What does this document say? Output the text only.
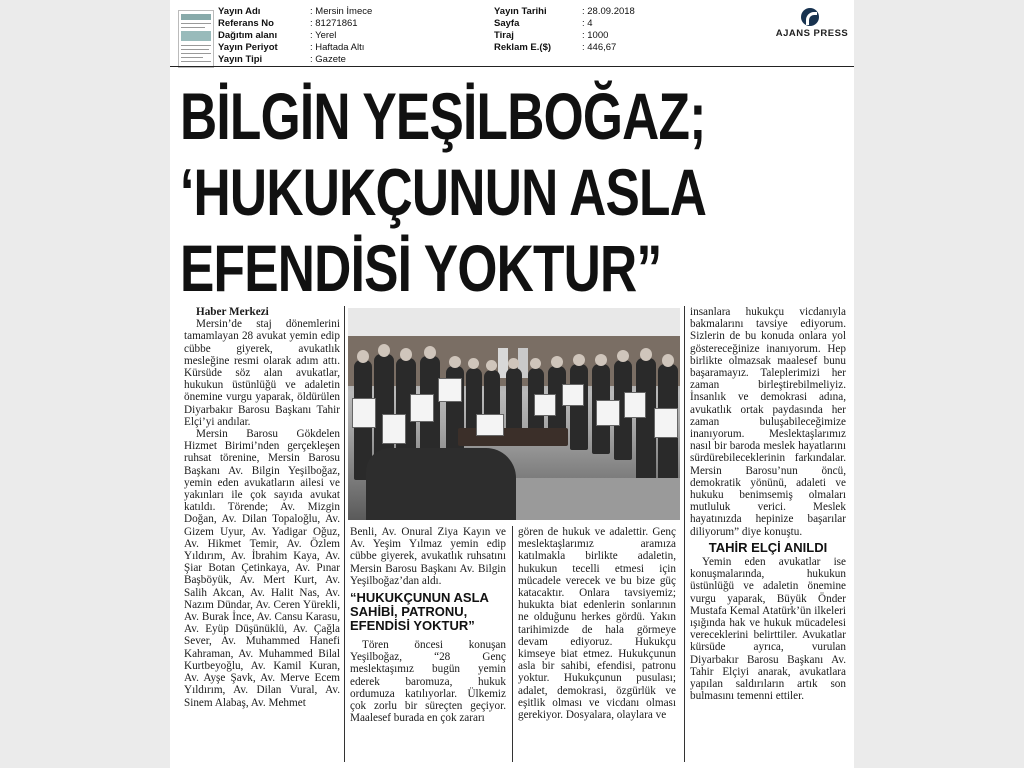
Yayın Adı	: Mersin İmece
Referans No	: 81271861
Dağıtım alanı	: Yerel
Yayın Periyot	: Haftada Altı
Yayın Tipi	: Gazete
Yayın Tarihi	: 28.09.2018
Sayfa	: 4
Tiraj	: 1000
Reklam E.($)	: 446,67
AJANS PRESS
BİLGİN YEŞİLBOĞAZ;
‘HUKUKÇUNUN ASLA
EFENDİSİ YOKTUR”

Haber Merkezi

Mersin’de staj dönemlerini tamamlayan 28 avukat yemin edip cübbe giyerek, avukatlık mesleğine resmi olarak adım attı. Kürsüde söz alan avukatlar, hukukun üstünlüğü ve adaletin önemine vurgu yaparak, öldürülen Diyarbakır Barosu Başkanı Tahir Elçi’yi andılar.

Mersin Barosu Gökdelen Hizmet Birimi’nden gerçekleşen ruhsat törenine, Mersin Barosu Başkanı Av. Bilgin Yeşilboğaz, yemin eden avukatların ailesi ve yakınları ile çok sayıda avukat katıldı. Törende; Av. Mizgin Doğan, Av. Dilan Topaloğlu, Av. Gizem Uyur, Av. Yadigar Oğuz, Av. Hikmet Temir, Av. Özlem Yıldırım, Av. İbrahim Kaya, Av. Şiar Botan Çetinkaya, Av. Pınar Başböyük, Av. Mert Kurt, Av. Salih Akcan, Av. Halit Nas, Av. Nazım Dündar, Av. Ceren Yürekli, Av. Burak İnce, Av. Cansu Karasu, Av. Eyüp Düşünüklü, Av. Çağla Sever, Av. Muhammed Hanefi Kahraman, Av. Muhammed Bilal Kurtbeyoğlu, Av. Kamil Kuran, Av. Ayşe Şavk, Av. Merve Ecem Yıldırım, Av. Dilan Vural, Av. Sinem Alabaş, Av. Mehmet

Benli, Av. Onural Ziya Kayın ve Av. Yeşim Yılmaz yemin edip cübbe giyerek, avukatlık ruhsatını Mersin Barosu Başkanı Av. Bilgin Yeşilboğaz’dan aldı.

“HUKUKÇUNUN ASLA SAHİBİ, PATRONU, EFENDİSİ YOKTUR”

Tören öncesi konuşan Yeşilboğaz, “28 Genç meslektaşımız bugün yemin ederek baromuza, hukuk ordumuza katılıyorlar. Ülkemiz çok zorlu bir süreçten geçiyor. Maalesef burada en çok zararı

gören de hukuk ve adalettir. Genç meslektaşlarımız aramıza katılmakla birlikte adaletin, hukukun tecelli etmesi için mücadele verecek ve bu bize güç katacaktır. Onlara tavsiyemiz; hukukta biat edenlerin sonlarının ne olduğunu herkes gördü. Yakın tarihimizde de hala görmeye devam ediyoruz. Hukukçu kimseye biat etmez. Hukukçunun asla bir sahibi, efendisi, patronu yoktur. Hukukçunun pusulası; adalet, demokrasi, özgürlük ve eşitlik olması ve vicdanı olması gerekiyor. Dosyalara, olaylara ve

insanlara hukukçu vicdanıyla bakmalarını tavsiye ediyorum. Sizlerin de bu konuda onlara yol göstereceğinize inanıyorum. Hep birlikte olmazsak maalesef bunu başaramayız. Taleplerimizi her zaman birleştirebilmeliyiz. İnsanlık ve demokrasi adına, avukatlık ortak paydasında her zaman buluşabileceğimize inanıyorum. Meslektaşlarımız nasıl bir baroda meslek hayatlarını sürdürebileceklerinin farkındalar. Mersin Barosu’nun öncü, demokratik yönünü, adaleti ve hukuku benimsemiş olmaları mutluluk verici. Meslek hayatınızda hepinize başarılar diliyorum” diye konuştu.

TAHİR ELÇİ ANILDI

Yemin eden avukatlar ise konuşmalarında, hukukun üstünlüğü ve adaletin önemine vurgu yaparak, Büyük Önder Mustafa Kemal Atatürk’ün ilkeleri ışığında hak ve hukuk mücadelesi vereceklerini belirttiler. Avukatlar kürsüde ayrıca, vurulan Diyarbakır Barosu Başkanı Av. Tahir Elçiyi anarak, avukatlara yapılan saldırıların artık son bulmasını temenni ettiler.
